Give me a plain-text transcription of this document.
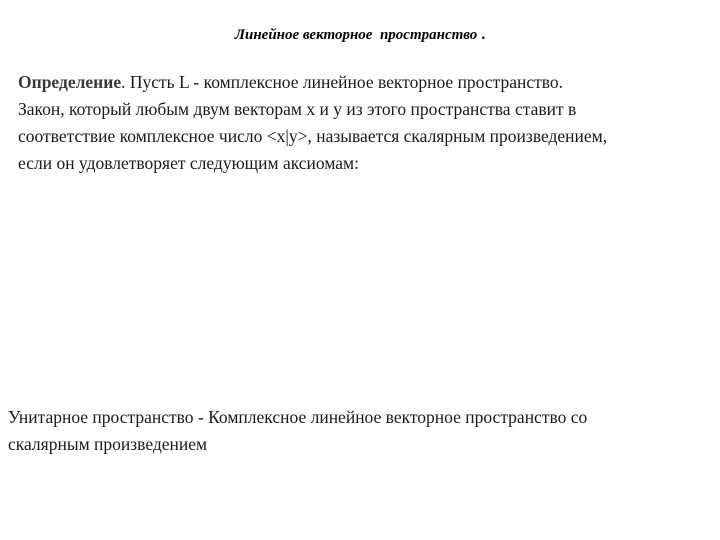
Линейное векторное  пространство .

Определение. Пусть L - комплексное линейное векторное пространство.
Закон, который любым двум векторам x и y из этого пространства ставит в
соответствие комплексное число <x|y>, называется скалярным произведением,
если он удовлетворяет следующим аксиомам:

Унитарное пространство - Комплексное линейное векторное пространство со
скалярным произведением
